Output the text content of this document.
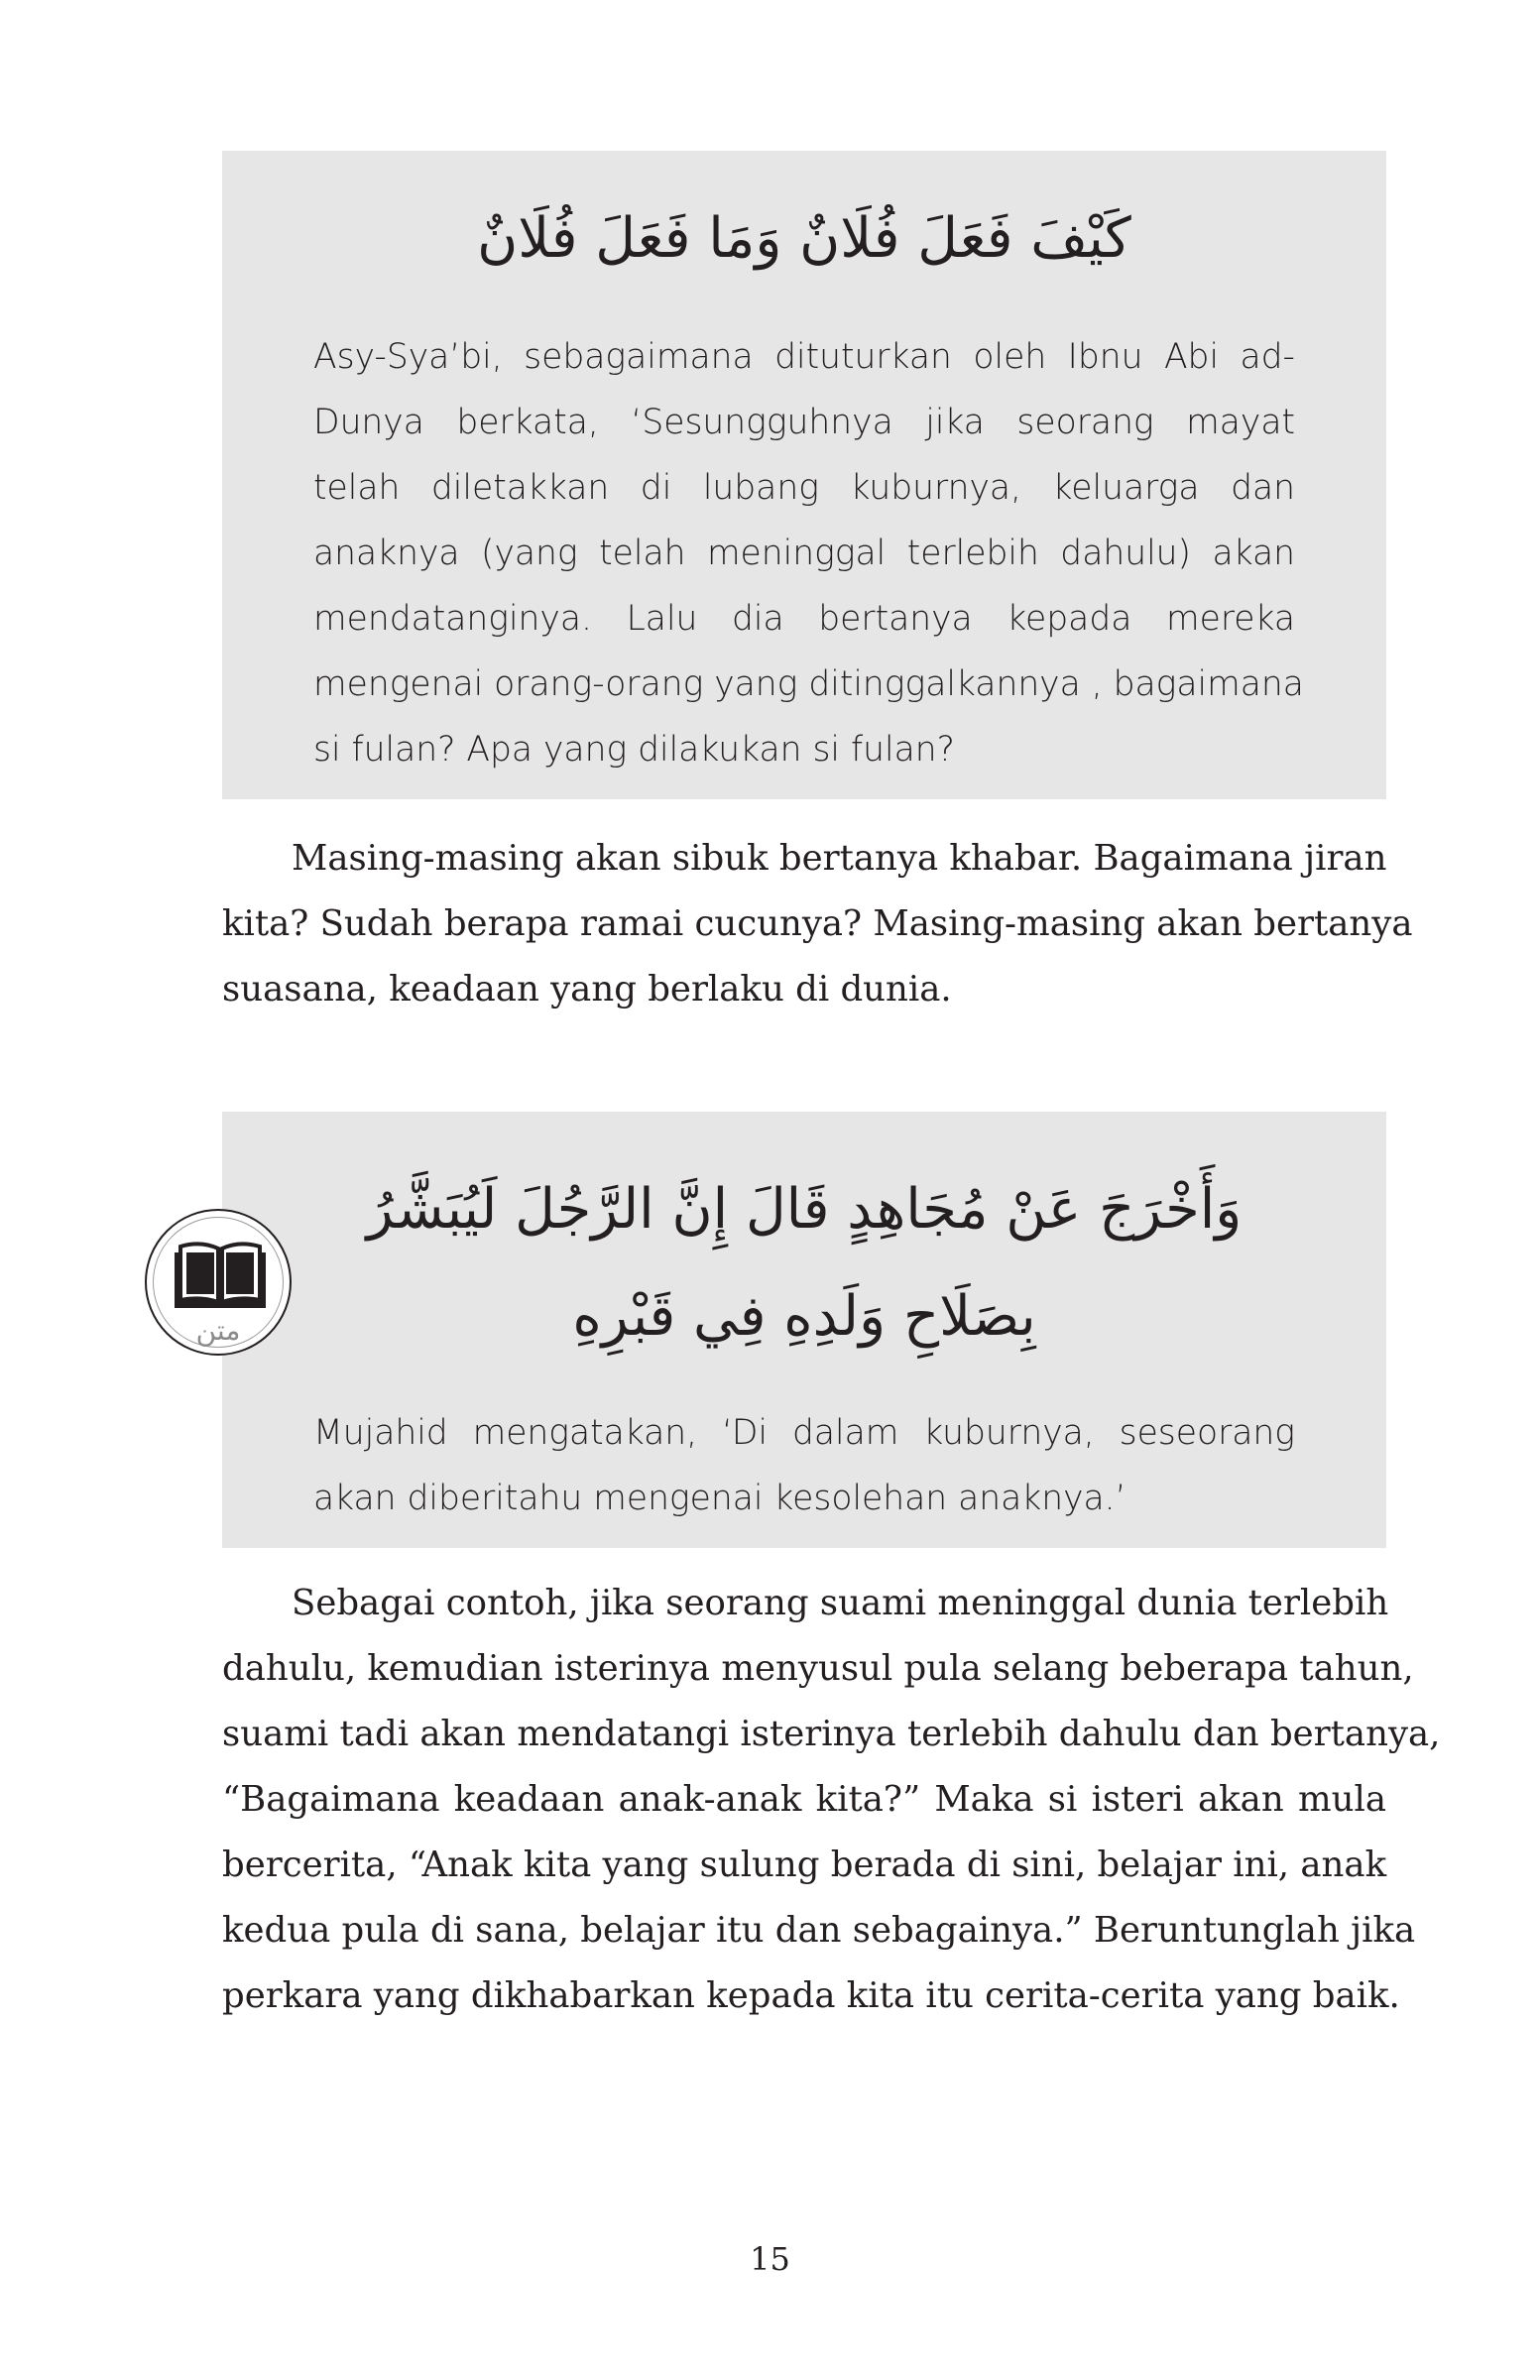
كَيْفَ فَعَلَ فُلَانٌ وَمَا فَعَلَ فُلَانٌ
Asy-Sya’bi, sebagaimana dituturkan oleh Ibnu Abi ad-
Dunya berkata, ‘Sesungguhnya jika seorang mayat
telah diletakkan di lubang kuburnya, keluarga dan
anaknya (yang telah meninggal terlebih dahulu) akan
mendatanginya. Lalu dia bertanya kepada mereka
mengenai orang-orang yang ditinggalkannya , bagaimana
si fulan? Apa yang dilakukan si fulan?
Masing-masing akan sibuk bertanya khabar. Bagaimana jiran
kita? Sudah berapa ramai cucunya? Masing-masing akan bertanya
suasana, keadaan yang berlaku di dunia.
وَأَخْرَجَ عَنْ مُجَاهِدٍ قَالَ إِنَّ الرَّجُلَ لَيُبَشَّرُ
بِصَلَاحِ وَلَدِهِ فِي قَبْرِهِ
Mujahid mengatakan, ‘Di dalam kuburnya, seseorang
akan diberitahu mengenai kesolehan anaknya.’
متن
Sebagai contoh, jika seorang suami meninggal dunia terlebih
dahulu, kemudian isterinya menyusul pula selang beberapa tahun,
suami tadi akan mendatangi isterinya terlebih dahulu dan bertanya,
“Bagaimana keadaan anak-anak kita?” Maka si isteri akan mula
bercerita, “Anak kita yang sulung berada di sini, belajar ini, anak
kedua pula di sana, belajar itu dan sebagainya.” Beruntunglah jika
perkara yang dikhabarkan kepada kita itu cerita-cerita yang baik.
15
